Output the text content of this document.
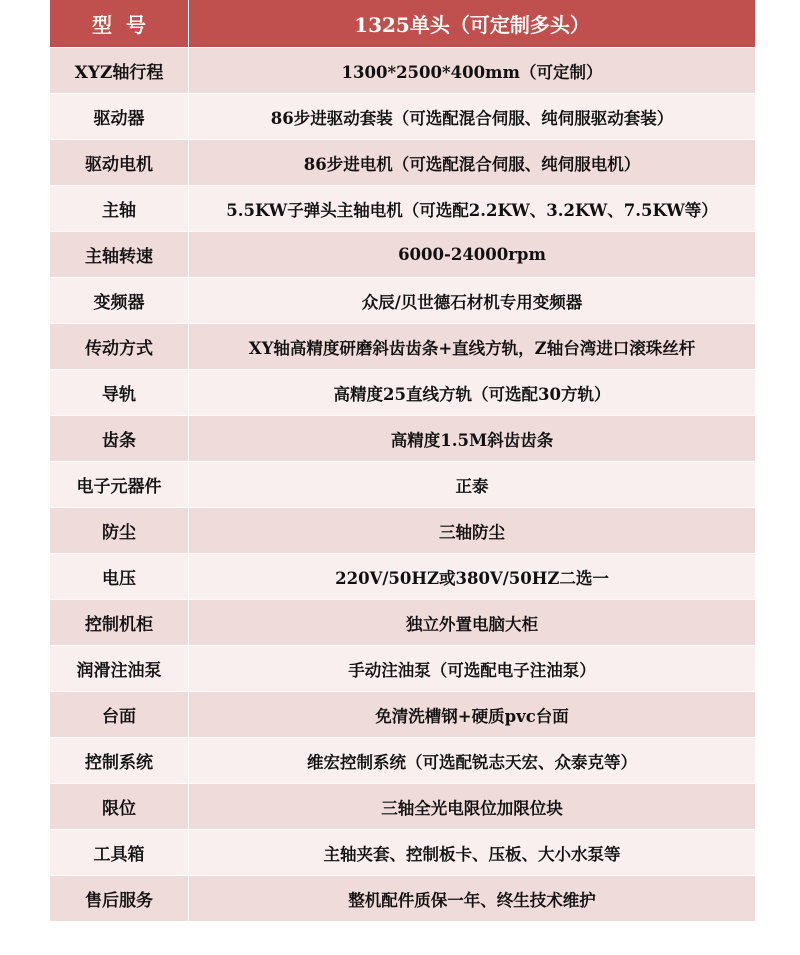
型号	1325单头（可定制多头）
XYZ轴行程	1300*2500*400mm（可定制）
驱动器	86步进驱动套装（可选配混合伺服、纯伺服驱动套装）
驱动电机	86步进电机（可选配混合伺服、纯伺服电机）
主轴	5.5KW子弹头主轴电机（可选配2.2KW、3.2KW、7.5KW等）
主轴转速	6000-24000rpm
变频器	众辰/贝世德石材机专用变频器
传动方式	XY轴高精度研磨斜齿齿条+直线方轨，Z轴台湾进口滚珠丝杆
导轨	高精度25直线方轨（可选配30方轨）
齿条	高精度1.5M斜齿齿条
电子元器件	正泰
防尘	三轴防尘
电压	220V/50HZ或380V/50HZ二选一
控制机柜	独立外置电脑大柜
润滑注油泵	手动注油泵（可选配电子注油泵）
台面	免清洗槽钢+硬质pvc台面
控制系统	维宏控制系统（可选配锐志天宏、众泰克等）
限位	三轴全光电限位加限位块
工具箱	主轴夹套、控制板卡、压板、大小水泵等
售后服务	整机配件质保一年、终生技术维护
